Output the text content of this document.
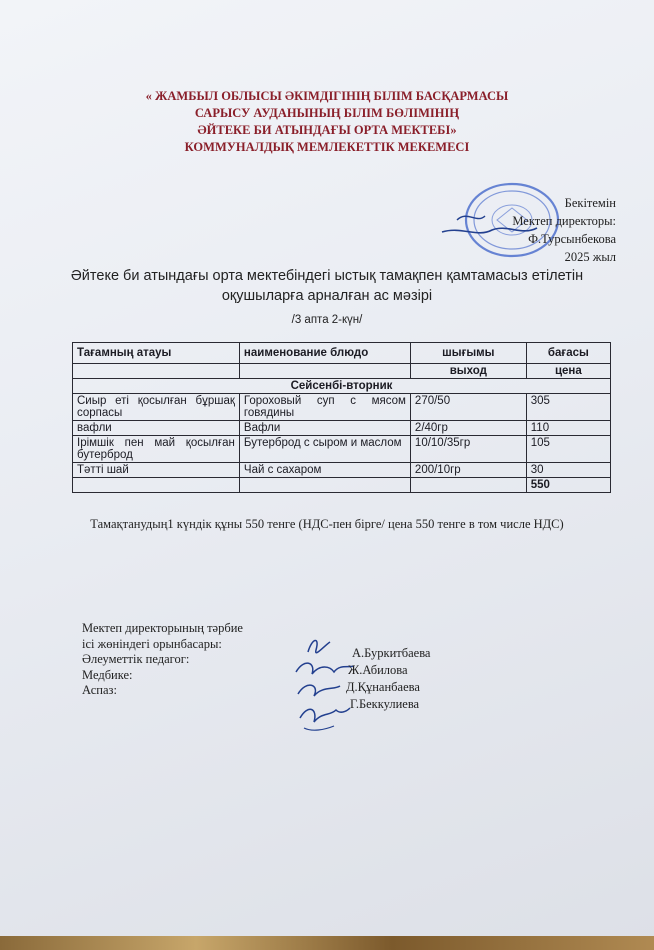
« ЖАМБЫЛ ОБЛЫСЫ ӘКІМДІГІНІҢ БІЛІМ БАСҚАРМАСЫ
САРЫСУ АУДАНЫНЫҢ БІЛІМ БӨЛІМІНІҢ
ӘЙТЕКЕ БИ АТЫНДАҒЫ ОРТА МЕКТЕБІ»
КОММУНАЛДЫҚ МЕМЛЕКЕТТІК МЕКЕМЕСІ
Бекітемін
Мектеп директоры:
Ф.Турсынбекова
2025 жыл
Әйтеке би атындағы орта мектебіндегі ыстық тамақпен қамтамасыз етілетін
оқушыларға арналған ас мәзірі
/3 апта 2-күн/
Тағамның атауы	наименование блюдо	шығымы	бағасы
		выход	цена
Сейсенбі-вторник			
Сиыр еті қосылған бұршақ сорпасы	Гороховый суп с мясом говядины	270/50	305
вафли	Вафли	2/40гр	110
Ірімшік пен май қосылған бутерброд	Бутерброд с сыром и маслом	10/10/35гр	105
Тәтті шай	Чай с сахаром	200/10гр	30
			550
Тамақтанудың1 күндік құны 550 тенге (НДС-пен бірге/ цена 550 тенге в том числе НДС)
Мектеп директорының тәрбие
ісі жөніндегі орынбасары:
Әлеуметтік педагог:
Медбике:
Аспаз:
А.Буркитбаева
Ж.Абилова
Д.Құнанбаева
Г.Беккулиева
